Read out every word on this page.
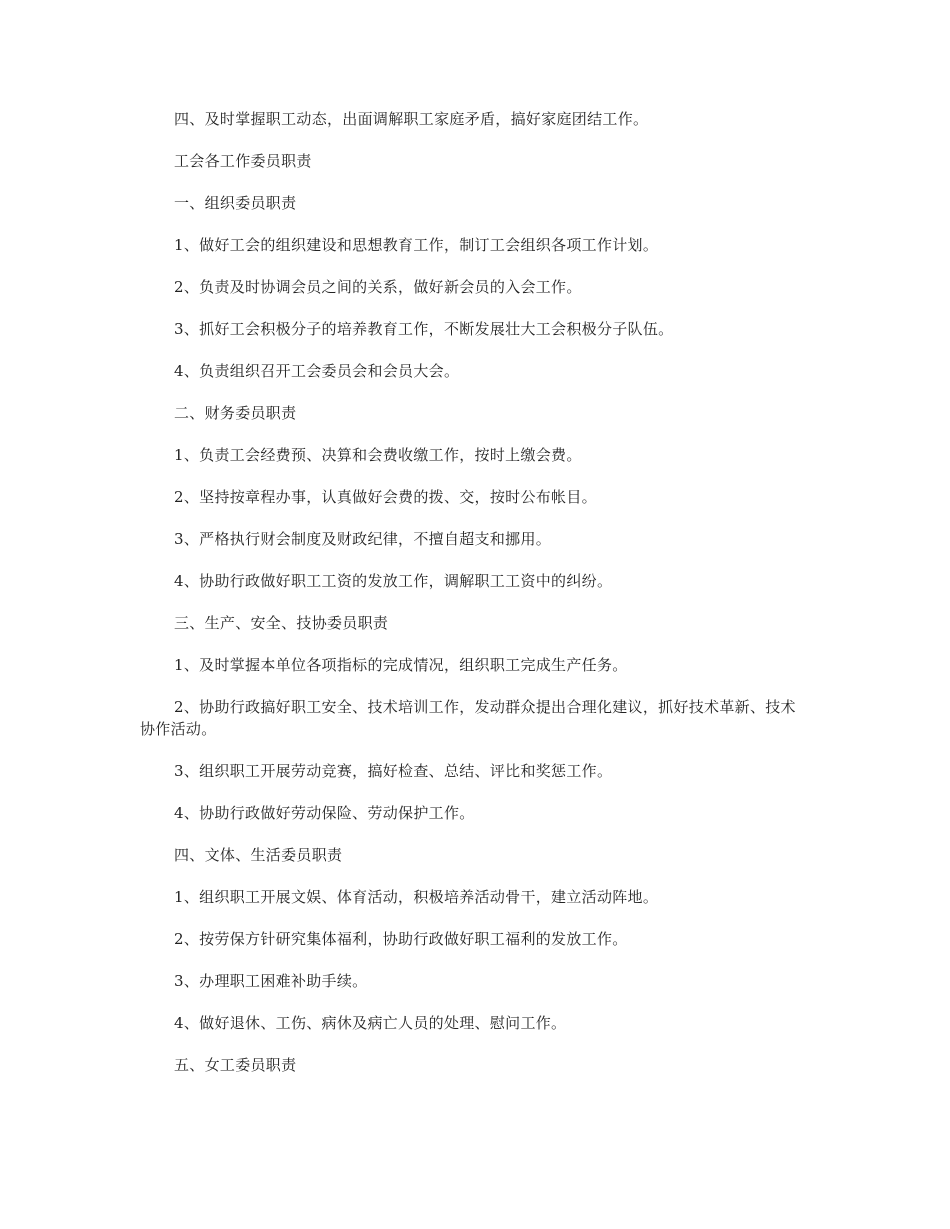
四、及时掌握职工动态，出面调解职工家庭矛盾，搞好家庭团结工作。

工会各工作委员职责

一、组织委员职责

1、做好工会的组织建设和思想教育工作，制订工会组织各项工作计划。

2、负责及时协调会员之间的关系，做好新会员的入会工作。

3、抓好工会积极分子的培养教育工作，不断发展壮大工会积极分子队伍。

4、负责组织召开工会委员会和会员大会。

二、财务委员职责

1、负责工会经费预、决算和会费收缴工作，按时上缴会费。

2、坚持按章程办事，认真做好会费的拨、交，按时公布帐目。

3、严格执行财会制度及财政纪律，不擅自超支和挪用。

4、协助行政做好职工工资的发放工作，调解职工工资中的纠纷。

三、生产、安全、技协委员职责

1、及时掌握本单位各项指标的完成情况，组织职工完成生产任务。

2、协助行政搞好职工安全、技术培训工作，发动群众提出合理化建议，抓好技术革新、技术协作活动。

3、组织职工开展劳动竞赛，搞好检查、总结、评比和奖惩工作。

4、协助行政做好劳动保险、劳动保护工作。

四、文体、生活委员职责

1、组织职工开展文娱、体育活动，积极培养活动骨干，建立活动阵地。

2、按劳保方针研究集体福利，协助行政做好职工福利的发放工作。

3、办理职工困难补助手续。

4、做好退休、工伤、病休及病亡人员的处理、慰问工作。

五、女工委员职责
